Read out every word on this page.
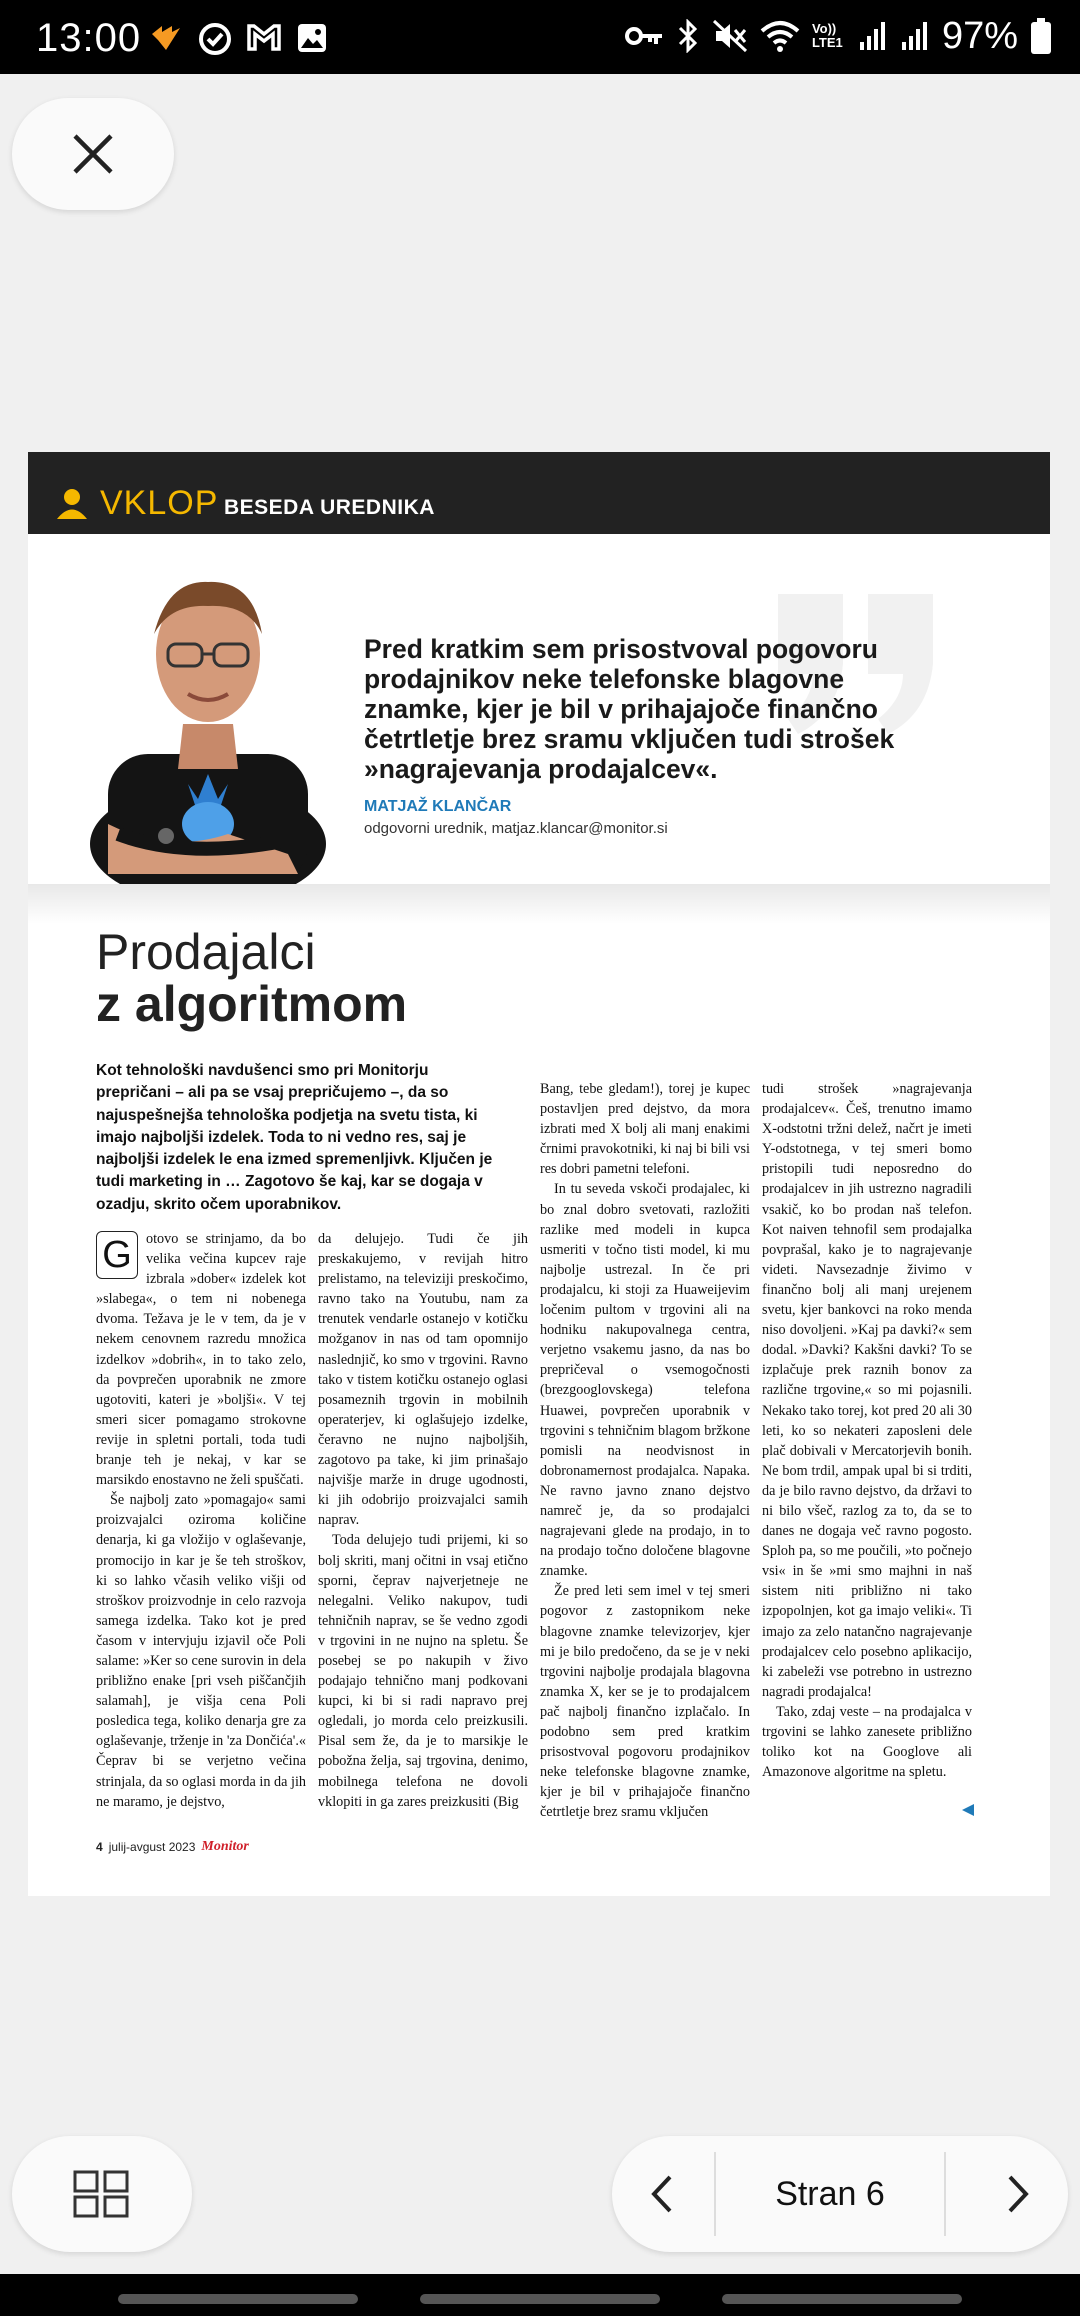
13:00	Vo)) LTE1	97%
VKLOP BESEDA UREDNIKA
Pred kratkim sem prisostvoval pogovoru prodajnikov neke telefonske blagovne znamke, kjer je bil v prihajajoče finančno četrtletje brez sramu vključen tudi strošek »nagrajevanja prodajalcev«.
MATJAŽ KLANČAR
odgovorni urednik, matjaz.klancar@monitor.si
Prodajalci
z algoritmom
Kot tehnološki navdušenci smo pri Monitorju prepričani – ali pa se vsaj prepričujemo –, da so najuspešnejša tehnološka podjetja na svetu tista, ki imajo najboljši izdelek. Toda to ni vedno res, saj je najboljši izdelek le ena izmed spremenljivk. Ključen je tudi marketing in … Zagotovo še kaj, kar se dogaja v ozadju, skrito očem uporabnikov.

G	otovo se strinjamo, da bo velika večina kupcev raje izbrala »dober« izdelek kot »slabega«, o tem ni nobenega dvoma. Težava je le v tem, da je v nekem cenovnem razredu množica izdelkov »dobrih«, in to tako zelo, da povprečen uporabnik ne zmore ugotoviti, kateri je »boljši«. V tej smeri sicer pomagamo strokovne revije in spletni portali, toda tudi branje teh je nekaj, v kar se marsikdo enostavno ne želi spuščati.

Še najbolj zato »pomagajo« sami proizvajalci oziroma količine denarja, ki ga vložijo v oglaševanje, promocijo in kar je še teh stroškov, ki so lahko včasih veliko višji od stroškov proizvodnje in celo razvoja samega izdelka. Tako kot je pred časom v intervjuju izjavil oče Poli salame: »Ker so cene surovin in dela približno enake [pri vseh piščančjih salamah], je višja cena Poli posledica tega, koliko denarja gre za oglaševanje, trženje in 'za Dončića'.« Čeprav bi se verjetno večina strinjala, da so oglasi morda in da jih ne maramo, je dejstvo,

da delujejo. Tudi če jih preskakujemo, v revijah hitro prelistamo, na televiziji preskočimo, ravno tako na Youtubu, nam za trenutek vendarle ostanejo v kotičku možganov in nas od tam opomnijo naslednjič, ko smo v trgovini. Ravno tako v tistem kotičku ostanejo oglasi posameznih trgovin in mobilnih operaterjev, ki oglašujejo izdelke, čeravno ne nujno najboljših, zagotovo pa take, ki jim prinašajo najvišje marže in druge ugodnosti, ki jih odobrijo proizvajalci samih naprav.

Toda delujejo tudi prijemi, ki so bolj skriti, manj očitni in vsaj etično sporni, čeprav najverjetneje ne nelegalni. Veliko nakupov, tudi tehničnih naprav, se še vedno zgodi v trgovini in ne nujno na spletu. Še posebej se po nakupih v živo podajajo tehnično manj podkovani kupci, ki bi si radi napravo prej ogledali, jo morda celo preizkusili. Pisal sem že, da je to marsikje le pobožna želja, saj trgovina, denimo, mobilnega telefona ne dovoli vklopiti in ga zares preizkusiti (Big

Bang, tebe gledam!), torej je kupec postavljen pred dejstvo, da mora izbrati med X bolj ali manj enakimi črnimi pravokotniki, ki naj bi bili vsi res dobri pametni telefoni.

In tu seveda vskoči prodajalec, ki bo znal dobro svetovati, razložiti razlike med modeli in kupca usmeriti v točno tisti model, ki mu najbolje ustrezal. In če pri prodajalcu, ki stoji za Huaweijevim ločenim pultom v trgovini ali na hodniku nakupovalnega centra, verjetno vsakemu jasno, da nas bo prepričeval o vsemogočnosti (brezgooglovskega) telefona Huawei, povprečen uporabnik v trgovini s tehničnim blagom bržkone pomisli na neodvisnost in dobronamernost prodajalca. Napaka. Ne ravno javno znano dejstvo namreč je, da so prodajalci nagrajevani glede na prodajo, in to na prodajo točno določene blagovne znamke.

Že pred leti sem imel v tej smeri pogovor z zastopnikom neke blagovne znamke televizorjev, kjer mi je bilo predočeno, da se je v neki trgovini najbolje prodajala blagovna znamka X, ker se je to prodajalcem pač najbolj finančno izplačalo. In podobno sem pred kratkim prisostvoval pogovoru prodajnikov neke telefonske blagovne znamke, kjer je bil v prihajajoče finančno četrtletje brez sramu vključen

tudi strošek »nagrajevanja prodajalcev«. Češ, trenutno imamo X-odstotni tržni delež, načrt je imeti Y-odstotnega, v tej smeri bomo pristopili tudi neposredno do prodajalcev in jih ustrezno nagradili vsakič, ko bo prodan naš telefon. Kot naiven tehnofil sem prodajalka povprašal, kako je to nagrajevanje videti. Navsezadnje živimo v finančno bolj ali manj urejenem svetu, kjer bankovci na roko menda niso dovoljeni. »Kaj pa davki?« sem dodal. »Davki? Kakšni davki? To se izplačuje prek raznih bonov za različne trgovine,« so mi pojasnili. Nekako tako torej, kot pred 20 ali 30 leti, ko so nekateri zaposleni dele plač dobivali v Mercatorjevih bonih. Ne bom trdil, ampak upal bi si trditi, da je bilo ravno dejstvo, da državi to ni bilo všeč, razlog za to, da se to danes ne dogaja več ravno pogosto. Sploh pa, so me poučili, »to počnejo vsi« in še »mi smo majhni in naš sistem niti približno ni tako izpopolnjen, kot ga imajo veliki«. Ti imajo za zelo natančno nagrajevanje prodajalcev celo posebno aplikacijo, ki zabeleži vse potrebno in ustrezno nagradi prodajalca!

Tako, zdaj veste – na prodajalca v trgovini se lahko zanesete približno toliko kot na Googlove ali Amazonove algoritme na spletu.

4 julij-avgust 2023 Monitor
Stran 6
